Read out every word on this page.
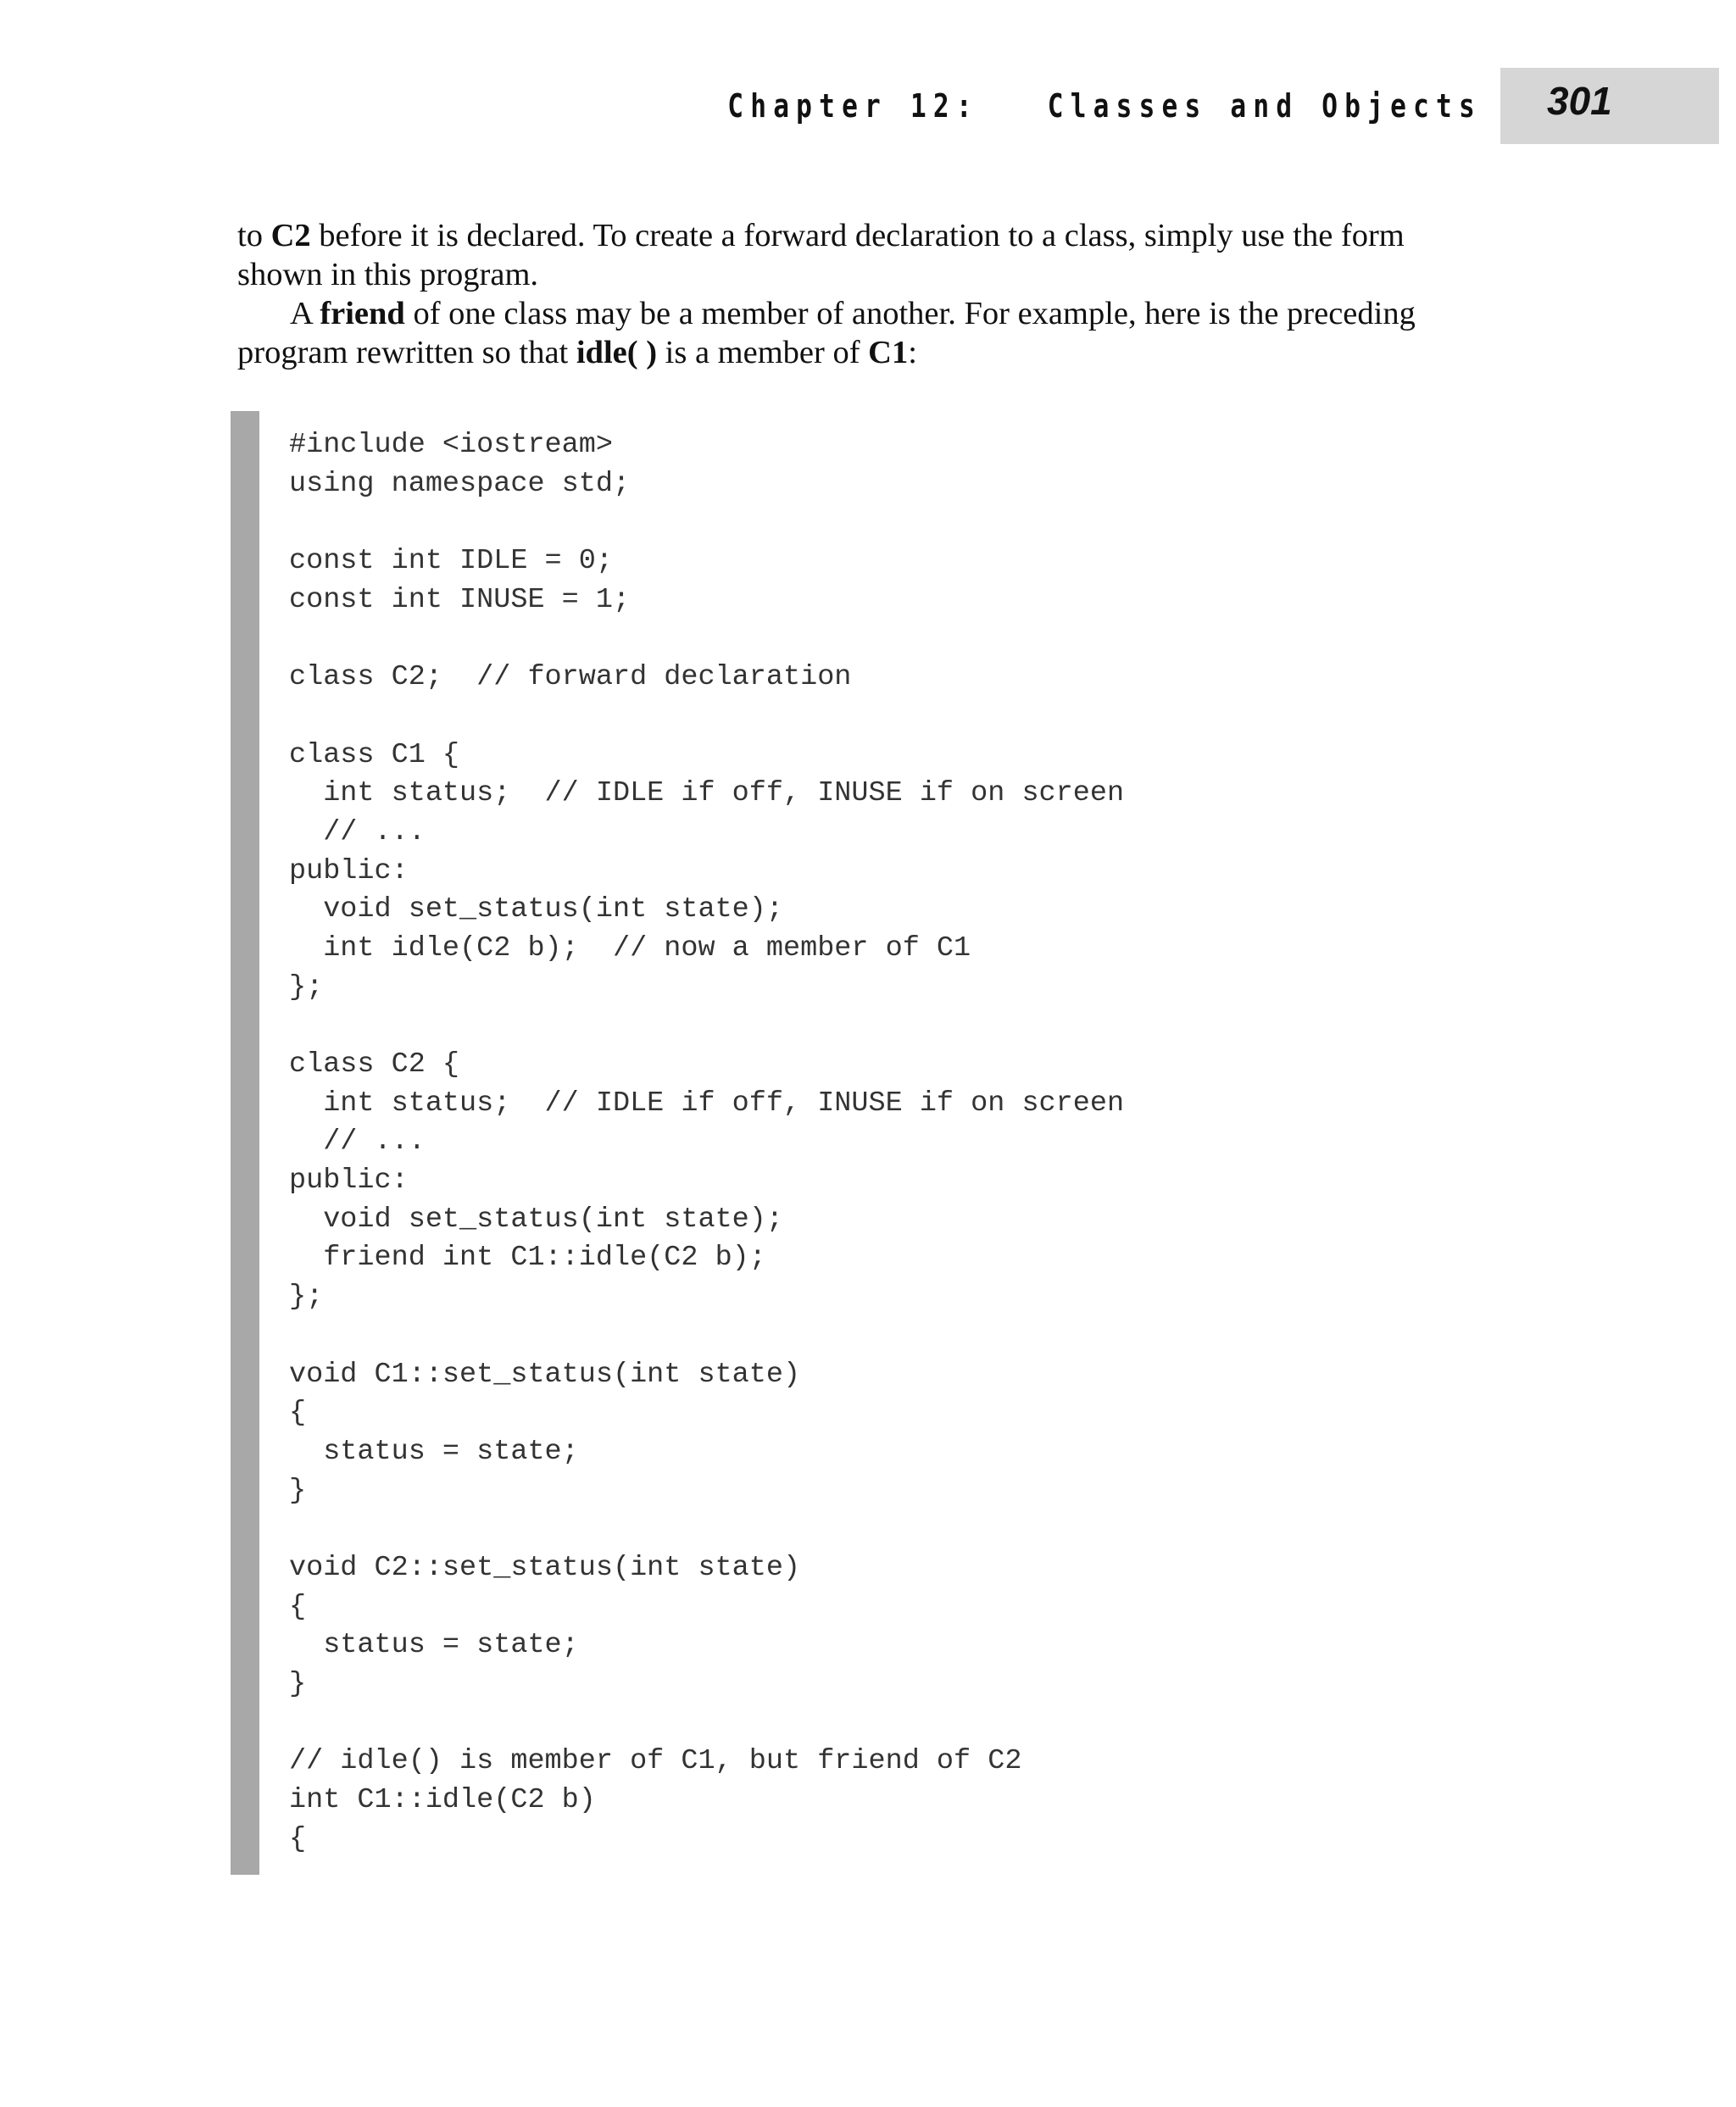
Chapter 12:   Classes and Objects 301

to C2 before it is declared. To create a forward declaration to a class, simply use the form shown in this program.

A friend of one class may be a member of another. For example, here is the preceding program rewritten so that idle( ) is a member of C1:

#include <iostream>
using namespace std;
const int IDLE = 0;
const int INUSE = 1;
class C2;  // forward declaration
class C1 {
int status;  // IDLE if off, INUSE if on screen
// ...
public:
void set_status(int state);
int idle(C2 b);  // now a member of C1
};
class C2 {
int status;  // IDLE if off, INUSE if on screen
// ...
public:
void set_status(int state);
friend int C1::idle(C2 b);
};
void C1::set_status(int state)
{
status = state;
}
void C2::set_status(int state)
{
status = state;
}
// idle() is member of C1, but friend of C2
int C1::idle(C2 b)
{
